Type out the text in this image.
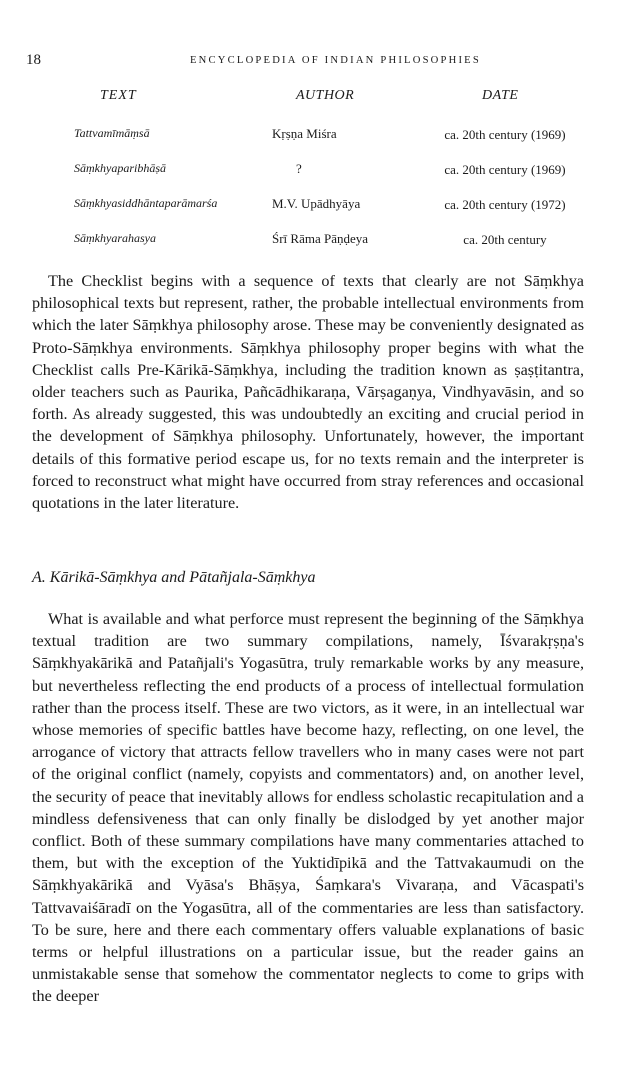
18	ENCYCLOPEDIA OF INDIAN PHILOSOPHIES
TEXT	AUTHOR	DATE
Tattvamīmāṃsā	Kṛṣṇa Miśra	ca. 20th century (1969)
Sāṃkhyaparibhāṣā	?	ca. 20th century (1969)
Sāṃkhyasiddhāntaparāmarśa	M.V. Upādhyāya	ca. 20th century (1972)
Sāṃkhyarahasya	Śrī Rāma Pāṇḍeya	ca. 20th century

The Checklist begins with a sequence of texts that clearly are not Sāṃkhya philosophical texts but represent, rather, the probable intellectual environments from which the later Sāṃkhya philosophy arose. These may be conveniently designated as Proto-Sāṃkhya environments. Sāṃkhya philosophy proper begins with what the Checklist calls Pre-Kārikā-Sāṃkhya, including the tradition known as ṣaṣṭitantra, older teachers such as Paurika, Pañcādhikaraṇa, Vārṣagaṇya, Vindhyavāsin, and so forth. As already suggested, this was undoubtedly an exciting and crucial period in the development of Sāṃkhya philosophy. Unfortunately, however, the important details of this formative period escape us, for no texts remain and the interpreter is forced to reconstruct what might have occurred from stray references and occasional quotations in the later literature.

A. Kārikā-Sāṃkhya and Pātañjala-Sāṃkhya

What is available and what perforce must represent the beginning of the Sāṃkhya textual tradition are two summary compilations, namely, Īśvarakṛṣṇa's Sāṃkhyakārikā and Patañjali's Yogasūtra, truly remarkable works by any measure, but nevertheless reflecting the end products of a process of intellectual formulation rather than the process itself. These are two victors, as it were, in an intellectual war whose memories of specific battles have become hazy, reflecting, on one level, the arrogance of victory that attracts fellow travellers who in many cases were not part of the original conflict (namely, copyists and commentators) and, on another level, the security of peace that inevitably allows for endless scholastic recapitulation and a mindless defensiveness that can only finally be dislodged by yet another major conflict. Both of these summary compilations have many commentaries attached to them, but with the exception of the Yuktidīpikā and the Tattvakaumudi on the Sāṃkhyakārikā and Vyāsa's Bhāṣya, Śaṃkara's Vivaraṇa, and Vācaspati's Tattvavaiśāradī on the Yogasūtra, all of the commentaries are less than satisfactory. To be sure, here and there each commentary offers valuable explanations of basic terms or helpful illustrations on a particular issue, but the reader gains an unmistakable sense that somehow the commentator neglects to come to grips with the deeper
